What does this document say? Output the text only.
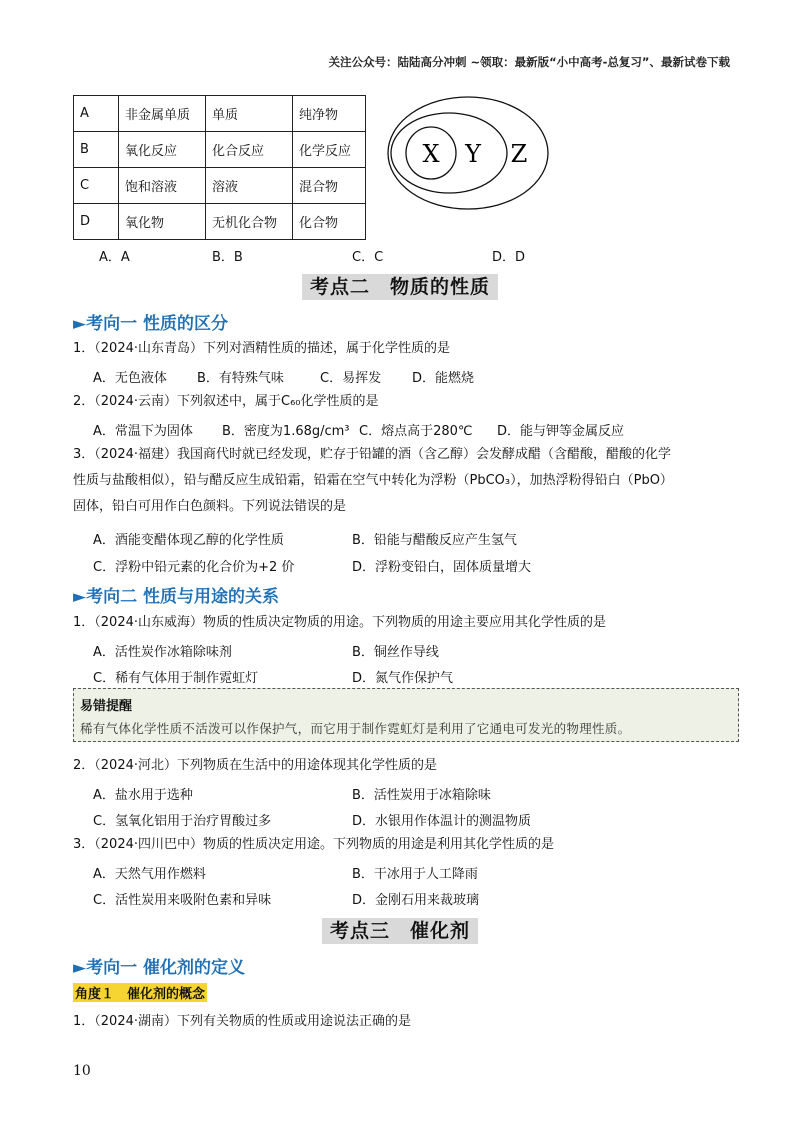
关注公众号：陆陆高分冲刺 ~领取：最新版“小中高考-总复习”、最新试卷下载
A	非金属单质	单质	纯净物
B	氧化反应	化合反应	化学反应
C	饱和溶液	溶液	混合物
D	氧化物	无机化合物	化合物
X Y Z
A．A	B．B	C．C	D．D
考点二　物质的性质
►考向一 性质的区分
1．（2024·山东青岛）下列对酒精性质的描述，属于化学性质的是
A．无色液体 B．有特殊气味	C．易挥发 D．能燃烧
2．（2024·云南）下列叙述中，属于C₆₀化学性质的是
A．常温下为固体 B．密度为1.68g/cm³ C．熔点高于280℃ D．能与钾等金属反应
3．（2024·福建）我国商代时就已经发现，贮存于铅罐的酒（含乙醇）会发酵成醋（含醋酸，醋酸的化学
性质与盐酸相似），铅与醋反应生成铅霜，铅霜在空气中转化为浮粉（PbCO₃），加热浮粉得铅白（PbO）
固体，铅白可用作白色颜料。下列说法错误的是
A．酒能变醋体现乙醇的化学性质	B．铅能与醋酸反应产生氢气
C．浮粉中铅元素的化合价为+2 价	D．浮粉变铅白，固体质量增大
►考向二 性质与用途的关系
1．（2024·山东威海）物质的性质决定物质的用途。下列物质的用途主要应用其化学性质的是
A．活性炭作冰箱除味剂	B．铜丝作导线
C．稀有气体用于制作霓虹灯	D．氮气作保护气
易错提醒
稀有气体化学性质不活泼可以作保护气，而它用于制作霓虹灯是利用了它通电可发光的物理性质。
2．（2024·河北）下列物质在生活中的用途体现其化学性质的是
A．盐水用于选种	B．活性炭用于冰箱除味
C．氢氧化铝用于治疗胃酸过多	D．水银用作体温计的测温物质
3．（2024·四川巴中）物质的性质决定用途。下列物质的用途是利用其化学性质的是
A．天然气用作燃料	B．干冰用于人工降雨
C．活性炭用来吸附色素和异味	D．金刚石用来裁玻璃
考点三　催化剂
►考向一 催化剂的定义
角度１　催化剂的概念
1．（2024·湖南）下列有关物质的性质或用途说法正确的是
10
